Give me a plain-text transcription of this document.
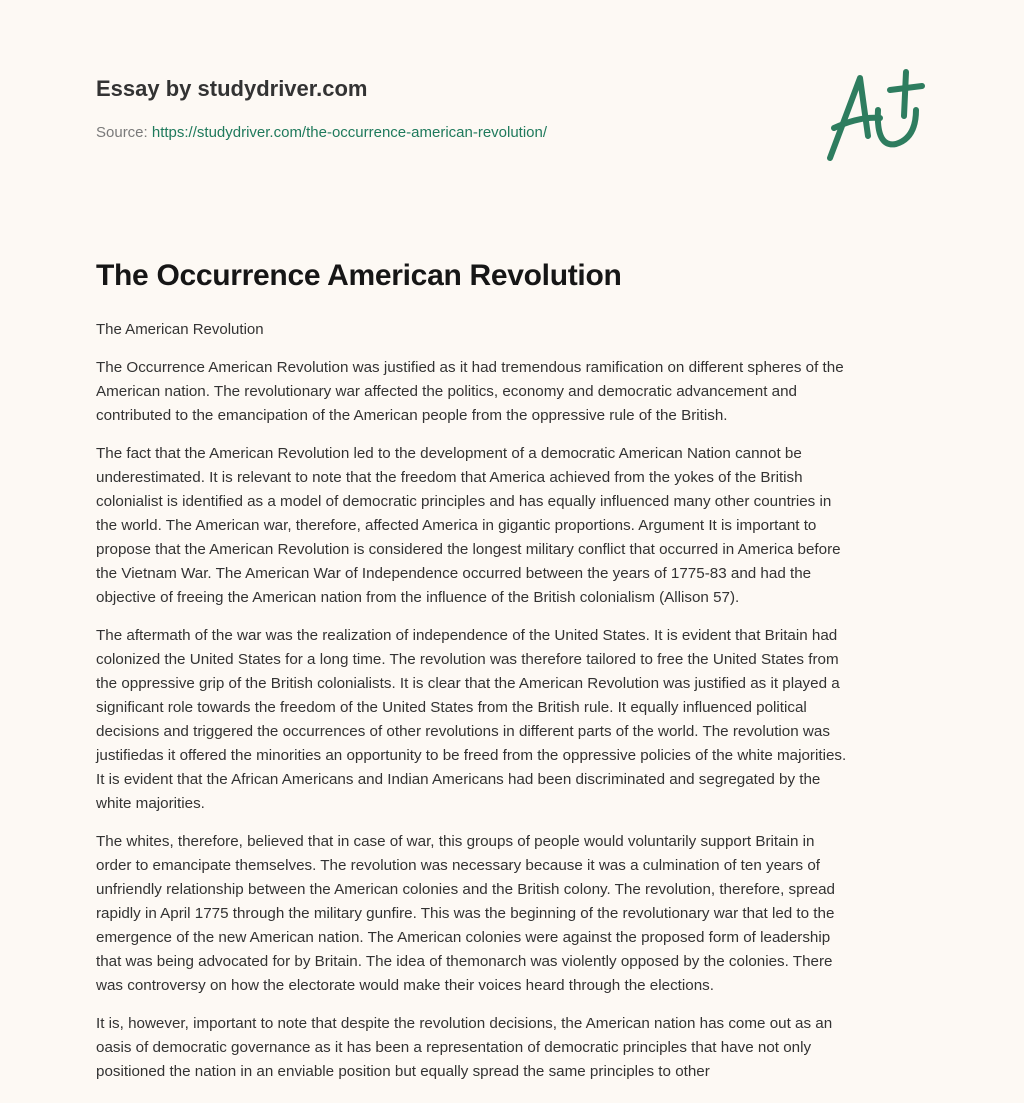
Essay by studydriver.com
Source: https://studydriver.com/the-occurrence-american-revolution/
The Occurrence American Revolution
The American Revolution
The Occurrence American Revolution was justified as it had tremendous ramification on different spheres of the
American nation. The revolutionary war affected the politics, economy and democratic advancement and
contributed to the emancipation of the American people from the oppressive rule of the British.
The fact that the American Revolution led to the development of a democratic American Nation cannot be
underestimated. It is relevant to note that the freedom that America achieved from the yokes of the British
colonialist is identified as a model of democratic principles and has equally influenced many other countries in
the world. The American war, therefore, affected America in gigantic proportions. Argument It is important to
propose that the American Revolution is considered the longest military conflict that occurred in America before
the Vietnam War. The American War of Independence occurred between the years of 1775-83 and had the
objective of freeing the American nation from the influence of the British colonialism (Allison 57).
The aftermath of the war was the realization of independence of the United States. It is evident that Britain had
colonized the United States for a long time. The revolution was therefore tailored to free the United States from
the oppressive grip of the British colonialists. It is clear that the American Revolution was justified as it played a
significant role towards the freedom of the United States from the British rule. It equally influenced political
decisions and triggered the occurrences of other revolutions in different parts of the world. The revolution was
justifiedas it offered the minorities an opportunity to be freed from the oppressive policies of the white majorities.
It is evident that the African Americans and Indian Americans had been discriminated and segregated by the
white majorities.
The whites, therefore, believed that in case of war, this groups of people would voluntarily support Britain in
order to emancipate themselves. The revolution was necessary because it was a culmination of ten years of
unfriendly relationship between the American colonies and the British colony. The revolution, therefore, spread
rapidly in April 1775 through the military gunfire. This was the beginning of the revolutionary war that led to the
emergence of the new American nation. The American colonies were against the proposed form of leadership
that was being advocated for by Britain. The idea of themonarch was violently opposed by the colonies. There
was controversy on how the electorate would make their voices heard through the elections.
It is, however, important to note that despite the revolution decisions, the American nation has come out as an
oasis of democratic governance as it has been a representation of democratic principles that have not only
positioned the nation in an enviable position but equally spread the same principles to other
